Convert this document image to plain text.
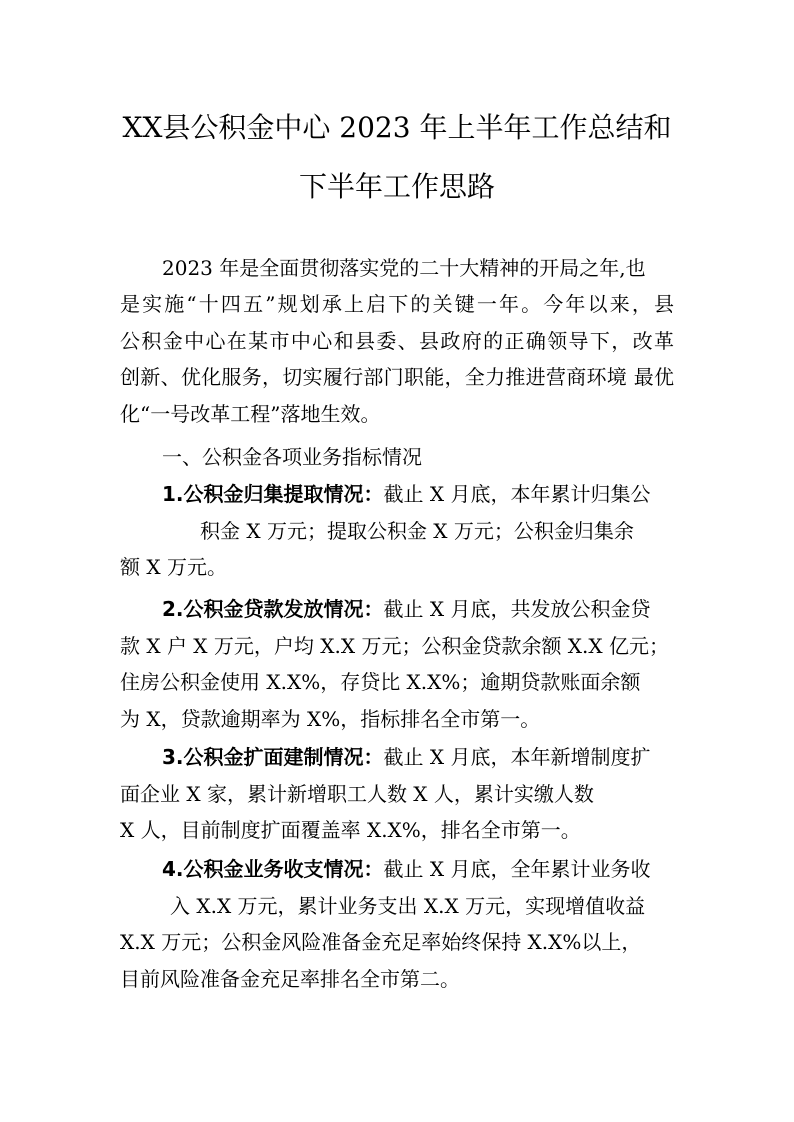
XX县公积金中心 2023 年上半年工作总结和
下半年工作思路
2023 年是全面贯彻落实党的二十大精神的开局之年,也
是实施“十四五”规划承上启下的关键一年。今年以来，县
公积金中心在某市中心和县委、县政府的正确领导下，改革
创新、优化服务，切实履行部门职能，全力推进营商环境 最优
化“一号改革工程”落地生效。
一、公积金各项业务指标情况
1.公积金归集提取情况：截止 X 月底，本年累计归集公
积金 X 万元；提取公积金 X 万元；公积金归集余
额 X 万元。
2.公积金贷款发放情况：截止 X 月底，共发放公积金贷
款 X 户 X 万元，户均 X.X 万元；公积金贷款余额 X.X 亿元；
住房公积金使用 X.X%，存贷比 X.X%；逾期贷款账面余额
为 X，贷款逾期率为 X%，指标排名全市第一。
3.公积金扩面建制情况：截止 X 月底，本年新增制度扩
面企业 X 家，累计新增职工人数 X 人，累计实缴人数
X 人，目前制度扩面覆盖率 X.X%，排名全市第一。
4.公积金业务收支情况：截止 X 月底，全年累计业务收
入 X.X 万元，累计业务支出 X.X 万元，实现增值收益
X.X 万元；公积金风险准备金充足率始终保持 X.X%以上，
目前风险准备金充足率排名全市第二。
